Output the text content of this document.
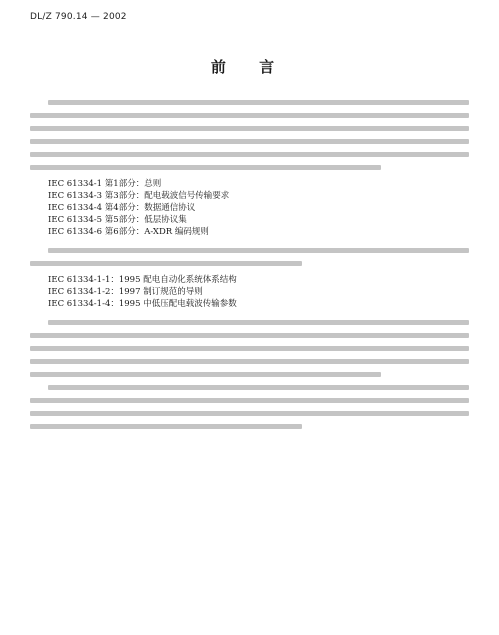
DL/Z 790.14 — 2002
前 言
IEC 61334-1 第1部分：总则
IEC 61334-3 第3部分：配电载波信号传输要求
IEC 61334-4 第4部分：数据通信协议
IEC 61334-5 第5部分：低层协议集
IEC 61334-6 第6部分：A-XDR 编码规则
IEC 61334-1-1：1995 配电自动化系统体系结构
IEC 61334-1-2：1997 制订规范的导则
IEC 61334-1-4：1995 中低压配电载波传输参数
